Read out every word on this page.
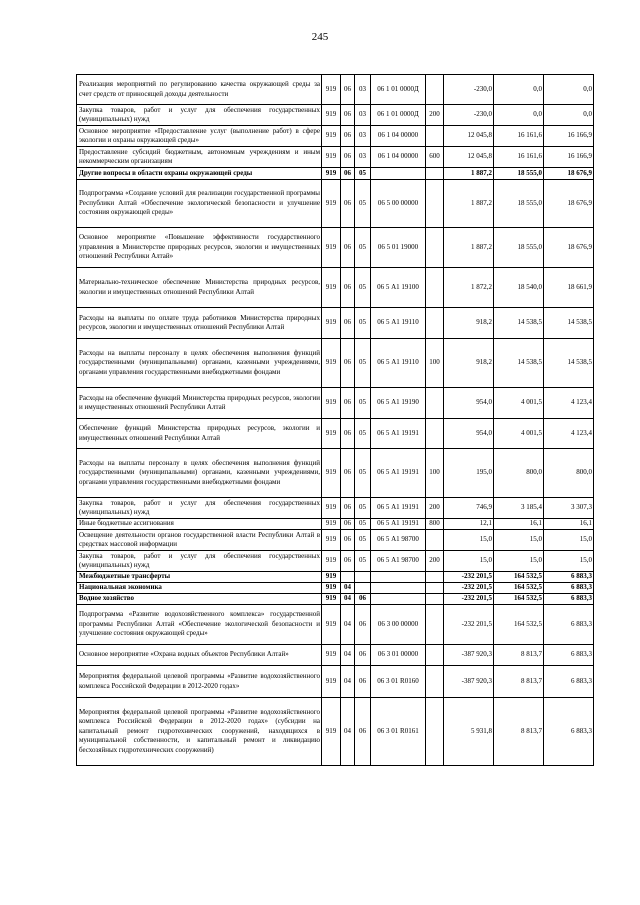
245
Реализация мероприятий по регулированию качества окружающей среды за счет средств от приносящей доходы деятельности	919	06	03	06 1 01 0000Д		-230,0	0,0	0,0
Закупка товаров, работ и услуг для обеспечения государственных (муниципальных) нужд	919	06	03	06 1 01 0000Д	200	-230,0	0,0	0,0
Основное мероприятие «Предоставление услуг (выполнение работ) в сфере экологии и охраны окружающей среды»	919	06	03	06 1 04 00000		12 045,8	16 161,6	16 166,9
Предоставление субсидий бюджетным, автономным учреждениям и иным некоммерческим организациям	919	06	03	06 1 04 00000	600	12 045,8	16 161,6	16 166,9
Другие вопросы в области охраны окружающей среды	919	06	05			1 887,2	18 555,0	18 676,9
Подпрограмма «Создание условий для реализации государственной программы Республики Алтай «Обеспечение экологической безопасности и улучшение состояния окружающей среды»	919	06	05	06 5 00 00000		1 887,2	18 555,0	18 676,9
Основное мероприятие «Повышение эффективности государственного управления в Министерстве природных ресурсов, экологии и имущественных отношений Республики Алтай»	919	06	05	06 5 01 19000		1 887,2	18 555,0	18 676,9
Материально-техническое обеспечение Министерства природных ресурсов, экологии и имущественных отношений Республики Алтай	919	06	05	06 5 А1 19100		1 872,2	18 540,0	18 661,9
Расходы на выплаты по оплате труда работников Министерства природных ресурсов, экологии и имущественных отношений Республики Алтай	919	06	05	06 5 А1 19110		918,2	14 538,5	14 538,5
Расходы на выплаты персоналу в целях обеспечения выполнения функций государственными (муниципальными) органами, казенными учреждениями, органами управления государственными внебюджетными фондами	919	06	05	06 5 А1 19110	100	918,2	14 538,5	14 538,5
Расходы на обеспечение функций Министерства природных ресурсов, экологии и имущественных отношений Республики Алтай	919	06	05	06 5 А1 19190		954,0	4 001,5	4 123,4
Обеспечение функций Министерства природных ресурсов, экологии и имущественных отношений Республики Алтай	919	06	05	06 5 А1 19191		954,0	4 001,5	4 123,4
Расходы на выплаты персоналу в целях обеспечения выполнения функций государственными (муниципальными) органами, казенными учреждениями, органами управления государственными внебюджетными фондами	919	06	05	06 5 А1 19191	100	195,0	800,0	800,0
Закупка товаров, работ и услуг для обеспечения государственных (муниципальных) нужд	919	06	05	06 5 А1 19191	200	746,9	3 185,4	3 307,3
Иные бюджетные ассигнования	919	06	05	06 5 А1 19191	800	12,1	16,1	16,1
Освещение деятельности органов государственной власти Республики Алтай в средствах массовой информации	919	06	05	06 5 А1 98700		15,0	15,0	15,0
Закупка товаров, работ и услуг для обеспечения государственных (муниципальных) нужд	919	06	05	06 5 А1 98700	200	15,0	15,0	15,0
Межбюджетные трансферты	919					-232 201,5	164 532,5	6 883,3
Национальная экономика	919	04				-232 201,5	164 532,5	6 883,3
Водное хозяйство	919	04	06			-232 201,5	164 532,5	6 883,3
Подпрограмма «Развитие водохозяйственного комплекса» государственной программы Республики Алтай «Обеспечение экологической безопасности и улучшение состояния окружающей среды»	919	04	06	06 3 00 00000		-232 201,5	164 532,5	6 883,3
Основное мероприятие «Охрана водных объектов Республики Алтай»	919	04	06	06 3 01 00000		-387 920,3	8 813,7	6 883,3
Мероприятия федеральной целевой программы «Развитие водохозяйственного комплекса Российской Федерации в 2012-2020 годах»	919	04	06	06 3 01 R0160		-387 920,3	8 813,7	6 883,3
Мероприятия федеральной целевой программы «Развитие водохозяйственного комплекса Российской Федерации в 2012-2020 годах» (субсидии на капитальный ремонт гидротехнических сооружений, находящихся в муниципальной собственности, и капитальный ремонт и ликвидацию бесхозяйных гидротехнических сооружений)	919	04	06	06 3 01 R0161		5 931,8	8 813,7	6 883,3
